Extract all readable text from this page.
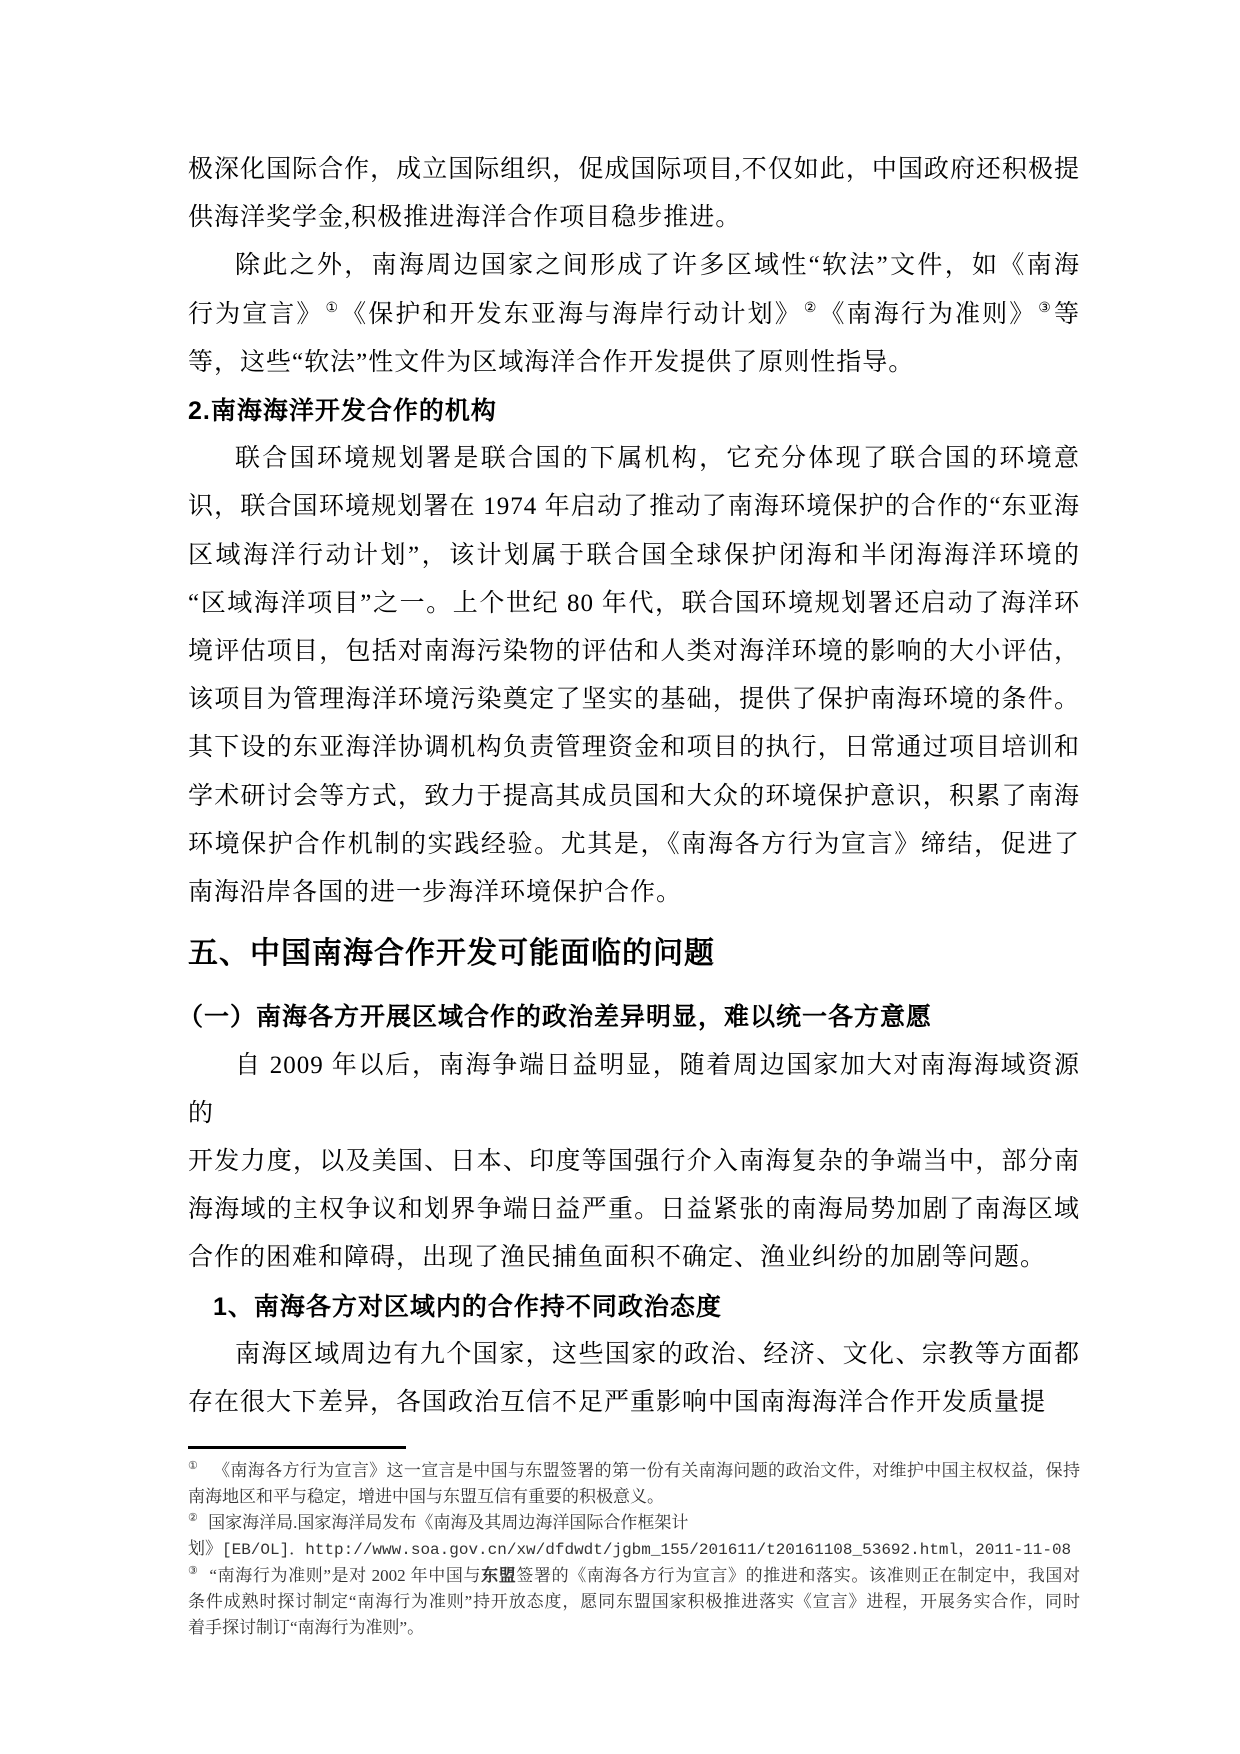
极深化国际合作，成立国际组织，促成国际项目,不仅如此，中国政府还积极提
供海洋奖学金,积极推进海洋合作项目稳步推进。
除此之外，南海周边国家之间形成了许多区域性“软法”文件，如《南海
行为宣言》 ①《保护和开发东亚海与海岸行动计划》 ②《南海行为准则》 ③等
等，这些“软法”性文件为区域海洋合作开发提供了原则性指导。
2.南海海洋开发合作的机构
联合国环境规划署是联合国的下属机构，它充分体现了联合国的环境意
识，联合国环境规划署在 1974 年启动了推动了南海环境保护的合作的“东亚海
区域海洋行动计划”，该计划属于联合国全球保护闭海和半闭海海洋环境的
“区域海洋项目”之一。上个世纪 80 年代，联合国环境规划署还启动了海洋环
境评估项目，包括对南海污染物的评估和人类对海洋环境的影响的大小评估，
该项目为管理海洋环境污染奠定了坚实的基础，提供了保护南海环境的条件。
其下设的东亚海洋协调机构负责管理资金和项目的执行，日常通过项目培训和
学术研讨会等方式，致力于提高其成员国和大众的环境保护意识，积累了南海
环境保护合作机制的实践经验。尤其是，《南海各方行为宣言》缔结，促进了
南海沿岸各国的进一步海洋环境保护合作。
五、中国南海合作开发可能面临的问题
（一）南海各方开展区域合作的政治差异明显，难以统一各方意愿
自 2009 年以后，南海争端日益明显，随着周边国家加大对南海海域资源的
开发力度，以及美国、日本、印度等国强行介入南海复杂的争端当中，部分南
海海域的主权争议和划界争端日益严重。日益紧张的南海局势加剧了南海区域
合作的困难和障碍，出现了渔民捕鱼面积不确定、渔业纠纷的加剧等问题。
1、南海各方对区域内的合作持不同政治态度
南海区域周边有九个国家，这些国家的政治、经济、文化、宗教等方面都
存在很大下差异，各国政治互信不足严重影响中国南海海洋合作开发质量提
①　《南海各方行为宣言》这一宣言是中国与东盟签署的第一份有关南海问题的政治文件，对维护中国主权权益，保持
南海地区和平与稳定，增进中国与东盟互信有重要的积极意义。
② 国家海洋局.国家海洋局发布《南海及其周边海洋国际合作框架计
划》[EB/OL]．http://www.soa.gov.cn/xw/dfdwdt/jgbm_155/201611/t20161108_53692.html，2011-11-08
③ “南海行为准则”是对 2002 年中国与东盟签署的《南海各方行为宣言》的推进和落实。该准则正在制定中，我国对
条件成熟时探讨制定“南海行为准则”持开放态度，愿同东盟国家积极推进落实《宣言》进程，开展务实合作，同时
着手探讨制订“南海行为准则”。
